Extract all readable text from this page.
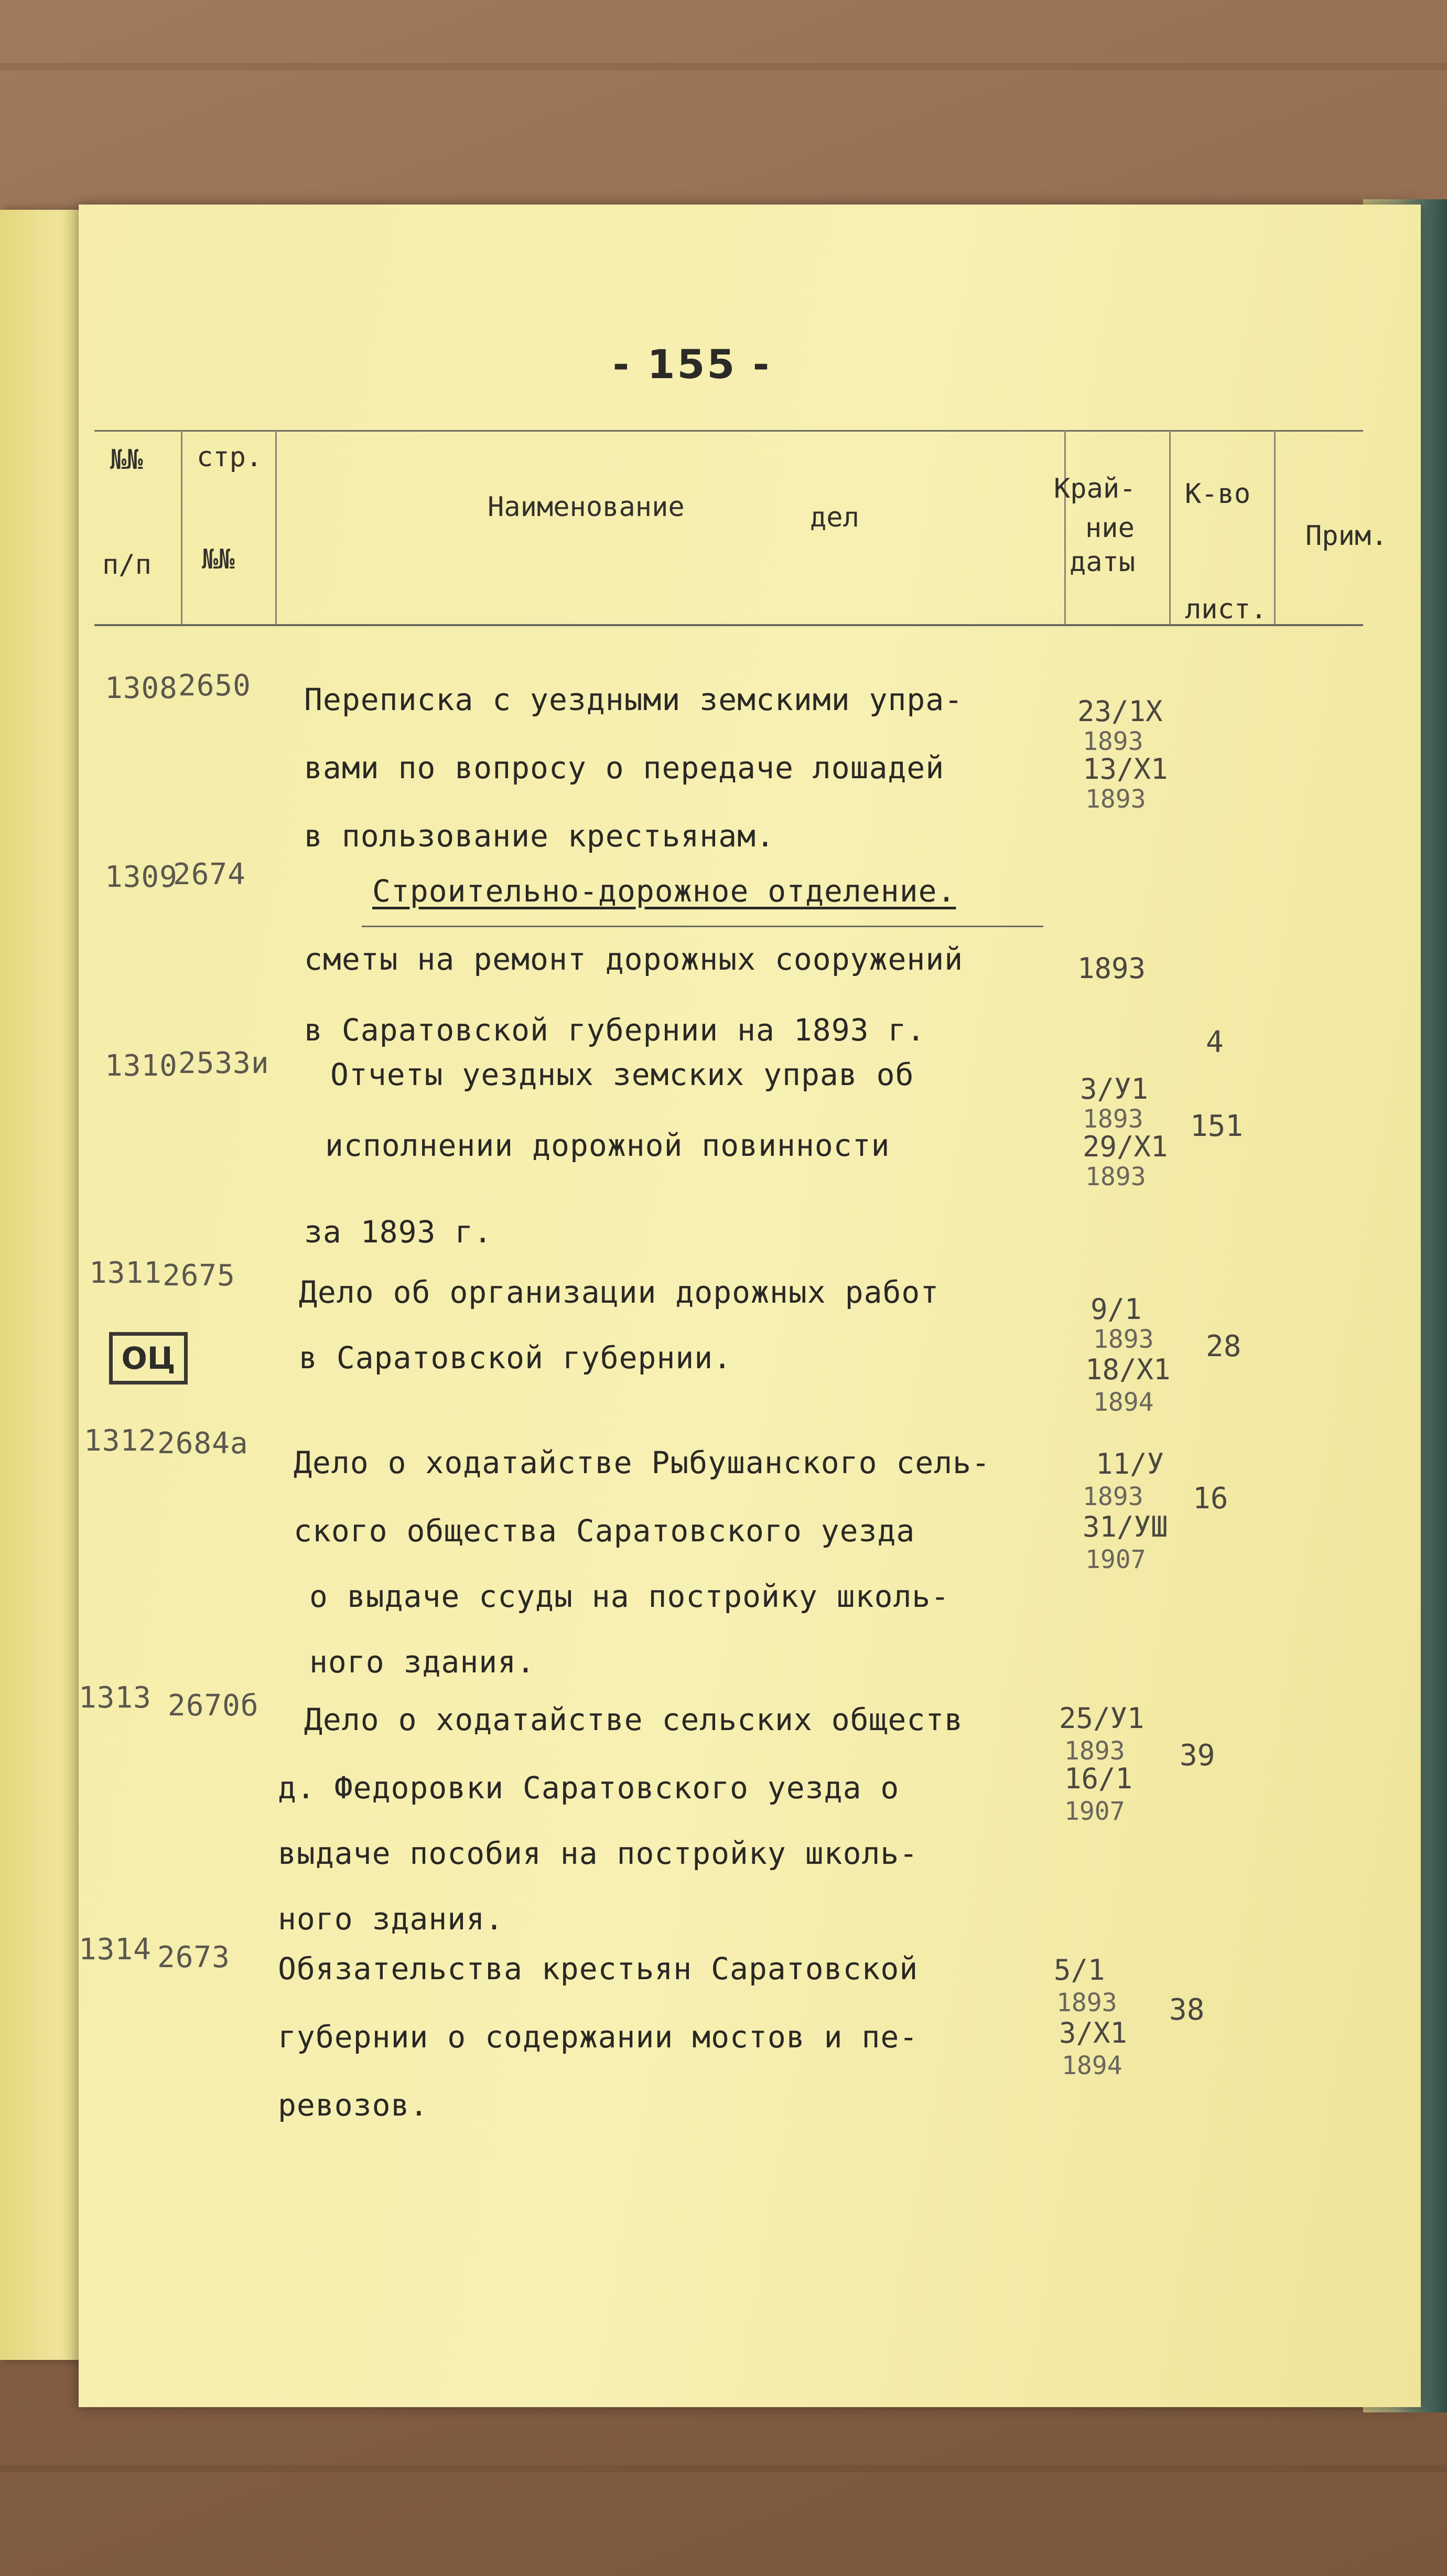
- 155 -
№№
п/п
стр.
№№
Наименование	дел
Край-
ние
даты
К-во
лист.
Прим.
1308 2650 Переписка с уездными земскими упра-
вами по вопросу о передаче лошадей
в пользование крестьянам.
23/1Х
1893
13/Х1
1893
1309
2674	Строительно-дорожное отделение.
сметы на ремонт дорожных сооружений
в Саратовской губернии на 1893 г.
1893
4
1310 2533и Отчеты уездных земских управ об
исполнении дорожной повинности
за 1893 г.
3/У1
1893
29/Х1
1893
151
1311 2675 Дело об организации дорожных работ
в Саратовской губернии.
9/1
1893
18/Х1
1894
28
1312 2684а
Дело о ходатайстве Рыбушанского сель-
ского общества Саратовского уезда
о выдаче ссуды на постройку школь-
ного здания.
11/У
1893
31/УШ
1907
16
1313 2670б Дело о ходатайстве сельских обществ
д. Федоровки Саратовского уезда о
выдаче пособия на постройку школь-
ного здания.
25/У1
1893
16/1
1907
39
1314 2673 Обязательства крестьян Саратовской
губернии о содержании мостов и пе-
ревозов.
5/1
1893
3/Х1
1894
38
ОЦ
